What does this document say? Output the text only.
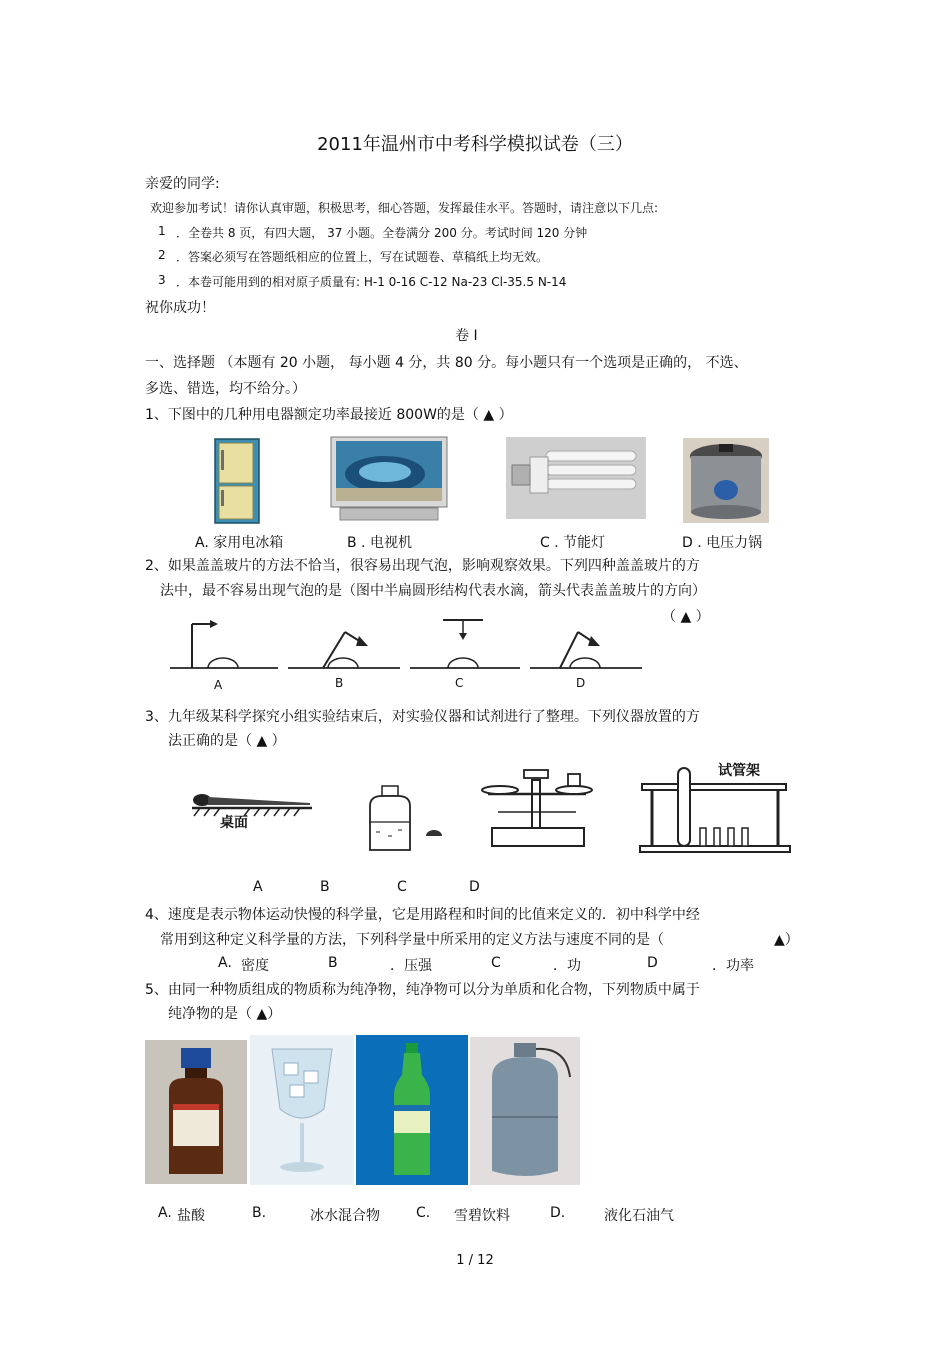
2011年温州市中考科学模拟试卷（三）
亲爱的同学:
欢迎参加考试！请你认真审题，积极思考，细心答题，发挥最佳水平。答题时，请注意以下几点:
1 ．全卷共 8 页，有四大题， 37 小题。全卷满分 200 分。考试时间 120 分钟
2 ．答案必须写在答题纸相应的位置上，写在试题卷、草稿纸上均无效。
3 ．本卷可能用到的相对原子质量有: H-1 0-16 C-12 Na-23 Cl-35.5 N-14
祝你成功！
卷 I
一、选择题 （本题有 20 小题， 每小题 4 分，共 80 分。每小题只有一个选项是正确的， 不选、
多选、错选，均不给分。）
1、下图中的几种用电器额定功率最接近 800W的是（ ▲ ）
A. 家用电冰箱	B . 电视机	C . 节能灯	D . 电压力锅
2、如果盖盖玻片的方法不恰当，很容易出现气泡，影响观察效果。下列四种盖盖玻片的方
法中，最不容易出现气泡的是（图中半扁圆形结构代表水滴，箭头代表盖盖玻片的方向）
（ ▲ ）
A	B	C	D
3、九年级某科学探究小组实验结束后，对实验仪器和试剂进行了整理。下列仪器放置的方
法正确的是（ ▲ ）
桌面
试管架
A	B	C	D
4、速度是表示物体运动快慢的科学量，它是用路程和时间的比值来定义的．初中科学中经
常用到这种定义科学量的方法，下列科学量中所采用的定义方法与速度不同的是（	▲）
A. 密度	B	．压强	C	．功	D	．功率
5、由同一种物质组成的物质称为纯净物，纯净物可以分为单质和化合物，下列物质中属于
纯净物的是（ ▲）
A. 盐酸	B.	冰水混合物	C. 雪碧饮料	D.	液化石油气
1 / 12
